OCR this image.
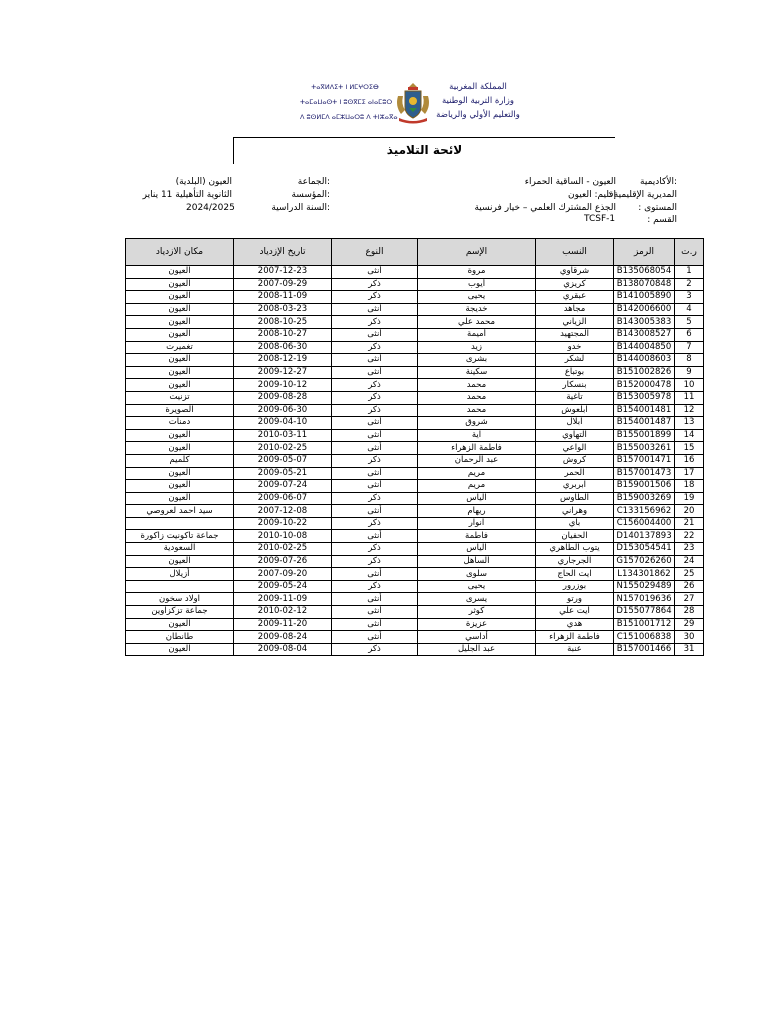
ⵜⴰⴳⵍⴷⵉⵜ ⵏ ⵍⵎⵖⵔⵉⴱ
ⵜⴰⵎⴰⵡⴰⵙⵜ ⵏ ⵓⵙⴳⵎⵉ ⴰⵏⴰⵎⵓⵔ
ⴷ ⵓⵙⵍⵎⴷ ⴰⵎⵣⵡⴰⵔⵓ ⴷ ⵜⵏⵣⴰⴳⴰ
المملكة المغربية
وزارة التربية الوطنية
والتعليم الأولي والرياضة
لائحة التلاميذ
:الأكاديمية
العيون - الساقية الحمراء
المديرية الإقليمية :
إقليم: العيون
المستوى :
الجذع المشترك العلمي – خيار فرنسية
القسم :
TCSF-1
:الجماعة
العيون (البلدية)
:المؤسسة
الثانوية التأهيلية 11 يناير
:السنة الدراسية
2024/2025
مكان الازدياد	تاريخ الإزدياد	النوع	الإسم	النسب	الرمز	ر.ت
العيون	2007-12-23	أنثى	مروة	شرقاوي	B135068054	1
العيون	2007-09-29	ذكر	أيوب	كريزي	B138070848	2
العيون	2008-11-09	ذكر	يحيى	عبقري	B141005890	3
العيون	2008-03-23	أنثى	خديجة	مجاهد	B142006600	4
العيون	2008-10-25	ذكر	محمد علي	الزياني	B143005383	5
العيون	2008-10-27	أنثى	أميمة	المجتهيد	B143008527	6
تغميرت	2008-06-30	ذكر	زيد	خدو	B144004850	7
العيون	2008-12-19	أنثى	بشرى	لشكر	B144008603	8
العيون	2009-12-27	أنثى	سكينة	بوتباع	B151002826	9
العيون	2009-10-12	ذكر	محمد	بنسكار	B152000478	10
تزنيت	2009-08-28	ذكر	محمد	تاغية	B153005978	11
الصويرة	2009-06-30	ذكر	محمد	ابلعوش	B154001481	12
دمنات	2009-04-10	أنثى	شروق	ابلال	B154001487	13
العيون	2010-03-11	أنثى	اية	التهاوي	B155001899	14
العيون	2010-02-25	أنثى	فاطمة الزهراء	الواعي	B155003261	15
كلميم	2009-05-07	ذكر	عبد الرحمان	كروش	B157001471	16
العيون	2009-05-21	أنثى	مريم	الحمر	B157001473	17
العيون	2009-07-24	أنثى	مريم	ابربري	B159001506	18
العيون	2009-06-07	ذكر	الياس	الطاوس	B159003269	19
سيد احمد لعروصي	2007-12-08	أنثى	ريهام	وهراني	C133156962	20
	2009-10-22	ذكر	انوار	باي	C156004400	21
جماعة تاكونيت زاكورة	2010-10-08	أنثى	فاطمة	الحفيان	D140137893	22
السعودية	2010-02-25	ذكر	الياس	يتوب الطاهري	D153054541	23
العيون	2009-07-26	ذكر	الساهل	الجرجاري	G157026260	24
أزيلال	2007-09-20	أنثى	سلوى	ايت الحاج	L134301862	25
	2009-05-24	ذكر	يحيى	بوزرور	N155029489	26
اولاد سخون	2009-11-09	أنثى	يسرى	ورتو	N157019636	27
جماعة تزكزاوين	2010-02-12	أنثى	كوثر	ايت علي	D155077864	28
العيون	2009-11-20	أنثى	عزيزة	هدي	B151001712	29
طانطان	2009-08-24	أنثى	أداسي	فاطمة الزهراء	C151006838	30
العيون	2009-08-04	ذكر	عبد الجليل	عنبة	B157001466	31
